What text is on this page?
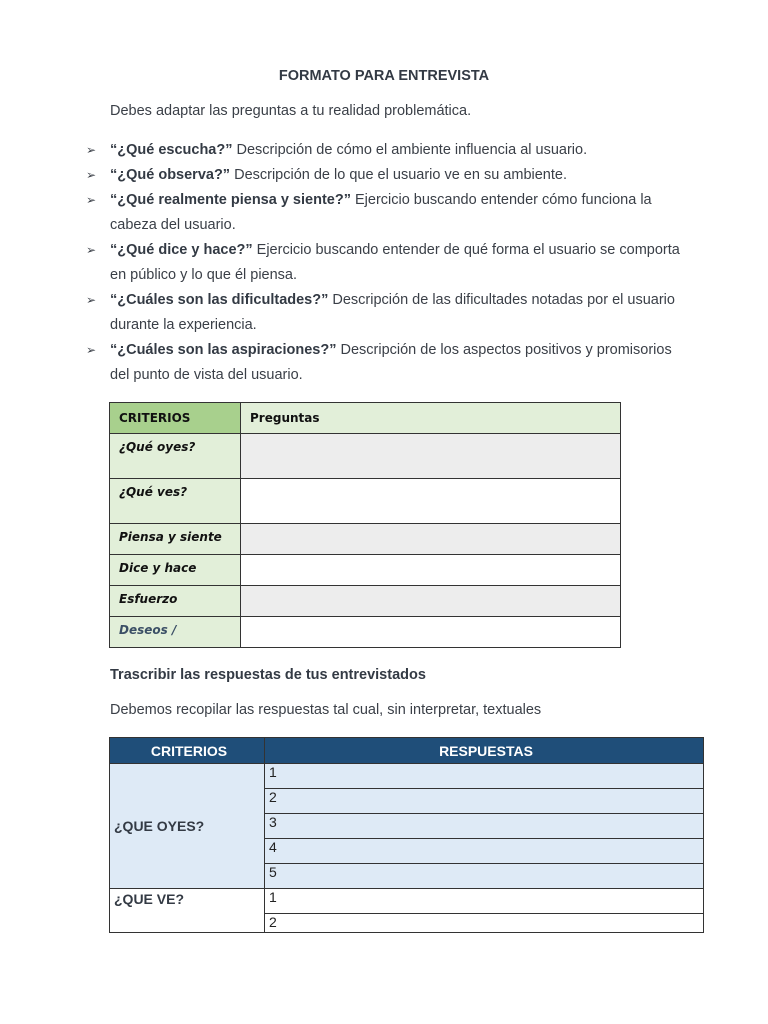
FORMATO PARA ENTREVISTA
Debes adaptar las preguntas a tu realidad problemática.
➢ “¿Qué escucha?” Descripción de cómo el ambiente influencia al usuario.
➢ “¿Qué observa?” Descripción de lo que el usuario ve en su ambiente.
➢ “¿Qué realmente piensa y siente?” Ejercicio buscando entender cómo funciona la cabeza del usuario.
➢ “¿Qué dice y hace?” Ejercicio buscando entender de qué forma el usuario se comporta en público y lo que él piensa.
➢ “¿Cuáles son las dificultades?” Descripción de las dificultades notadas por el usuario durante la experiencia.
➢ “¿Cuáles son las aspiraciones?” Descripción de los aspectos positivos y promisorios del punto de vista del usuario.
CRITERIOS	Preguntas
¿Qué oyes?	
¿Qué ves?	
Piensa y siente	
Dice y hace	
Esfuerzo	
Deseos /	
Trascribir las respuestas de tus entrevistados
Debemos recopilar las respuestas tal cual, sin interpretar, textuales
CRITERIOS	RESPUESTAS
¿QUE OYES?	1
	2
	3
	4
	5
¿QUE VE?	1
	2
